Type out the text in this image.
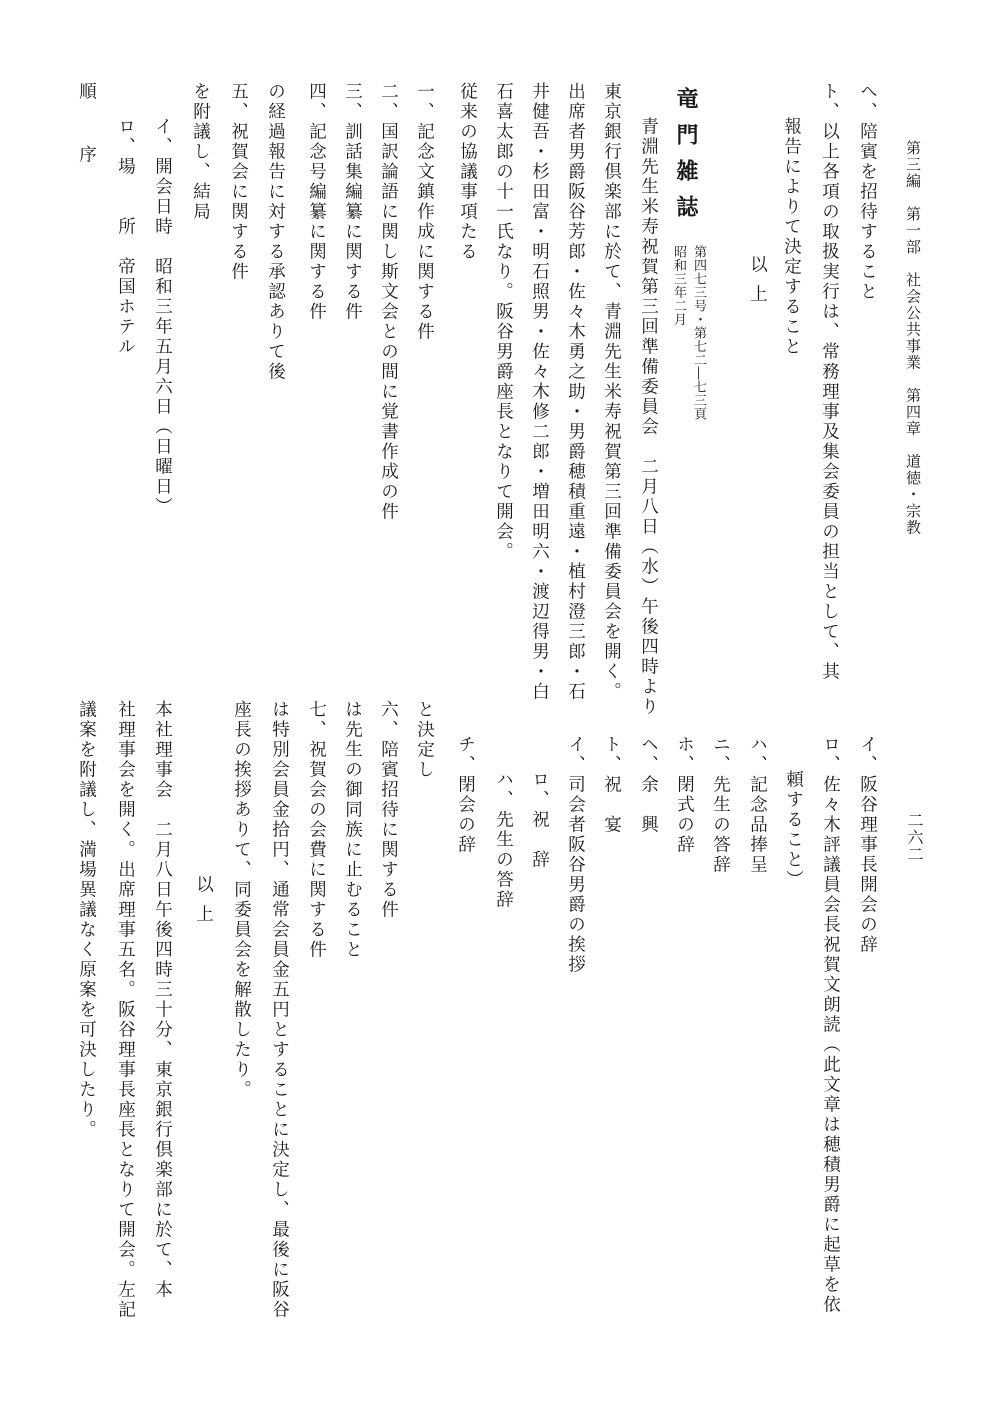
第三編　第一部　社会公共事業　第四章　道徳・宗教
二六二
へ、陪賓を招待すること
ト、以上各項の取扱実行は、常務理事及集会委員の担当として、其
報告によりて決定すること
以上
竜門雑誌
第四七三号・第七二―七三頁
昭和三年二月
青淵先生米寿祝賀第三回準備委員会　二月八日（水）午後四時より
東京銀行倶楽部に於て、青淵先生米寿祝賀第三回準備委員会を開く。
出席者男爵阪谷芳郎・佐々木勇之助・男爵穂積重遠・植村澄三郎・石
井健吾・杉田富・明石照男・佐々木修二郎・増田明六・渡辺得男・白
石喜太郎の十一氏なり。阪谷男爵座長となりて開会。
従来の協議事項たる
一、記念文鎮作成に関する件
二、国訳論語に関し斯文会との間に覚書作成の件
三、訓話集編纂に関する件
四、記念号編纂に関する件
の経過報告に対する承認ありて後
五、祝賀会に関する件
を附議し、結局
イ、開会日時　昭和三年五月六日（日曜日）
ロ、場　　所　帝国ホテル
順　序
イ、阪谷理事長開会の辞
ロ、佐々木評議員会長祝賀文朗読（此文章は穂積男爵に起草を依
頼すること）
ハ、記念品捧呈
ニ、先生の答辞
ホ、閉式の辞
ヘ、余　興
ト、祝　宴
イ、司会者阪谷男爵の挨拶
ロ、祝　辞
ハ、先生の答辞
チ、閉会の辞
と決定し
六、陪賓招待に関する件
は先生の御同族に止むること
七、祝賀会の会費に関する件
は特別会員金拾円、通常会員金五円とすることに決定し、最後に阪谷
座長の挨拶ありて、同委員会を解散したり。
以上
本社理事会　二月八日午後四時三十分、東京銀行倶楽部に於て、本
社理事会を開く。出席理事五名。阪谷理事長座長となりて開会。左記
議案を附議し、満場異議なく原案を可決したり。
